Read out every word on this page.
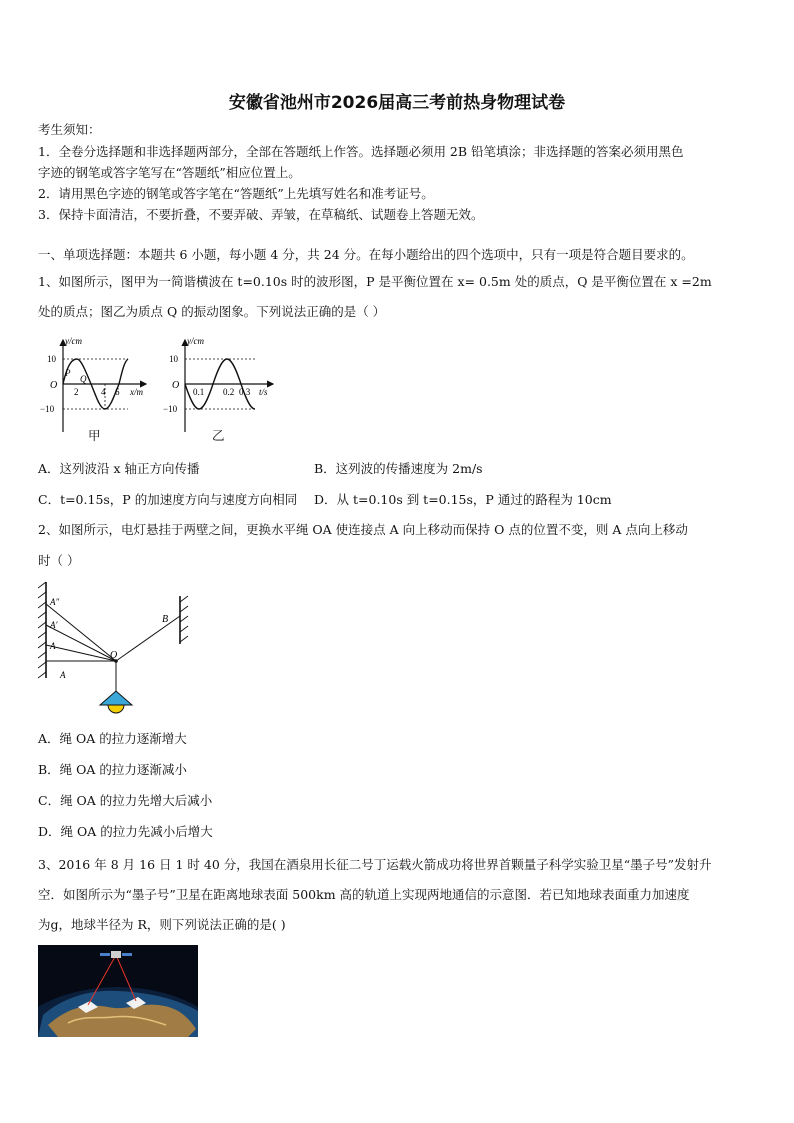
安徽省池州市2026届高三考前热身物理试卷
考生须知：
1．全卷分选择题和非选择题两部分，全部在答题纸上作答。选择题必须用 2B 铅笔填涂；非选择题的答案必须用黑色
字迹的钢笔或答字笔写在“答题纸”相应位置上。
2．请用黑色字迹的钢笔或答字笔在“答题纸”上先填写姓名和准考证号。
3．保持卡面清洁，不要折叠，不要弄破、弄皱，在草稿纸、试题卷上答题无效。
一、单项选择题：本题共 6 小题，每小题 4 分，共 24 分。在每小题给出的四个选项中，只有一项是符合题目要求的。
1、如图所示，图甲为一简谐横波在 t=0.10s 时的波形图，P 是平衡位置在 x= 0.5m 处的质点，Q 是平衡位置在 x =2m
处的质点；图乙为质点 Q 的振动图象。下列说法正确的是（ ）
y/cm
x/m
10
O
−10
2	4 6
P
Q
甲
y/cm
t/s
10
O
−10
0.1 0.2 0.3
乙
A．这列波沿 x 轴正方向传播	B．这列波的传播速度为 2m/s
C．t=0.15s，P 的加速度方向与速度方向相同 D．从 t=0.10s 到 t=0.15s，P 通过的路程为 10cm
2、如图所示，电灯悬挂于两壁之间，更换水平绳 OA 使连接点 A 向上移动而保持 O 点的位置不变，则 A 点向上移动
时（ ）
A″
A′
A
A
O
B
A．绳 OA 的拉力逐渐增大
B．绳 OA 的拉力逐渐减小
C．绳 OA 的拉力先增大后减小
D．绳 OA 的拉力先减小后增大
3、2016 年 8 月 16 日 1 时 40 分，我国在酒泉用长征二号丁运载火箭成功将世界首颗量子科学实验卫星“墨子号”发射升
空．如图所示为“墨子号”卫星在距离地球表面 500km 高的轨道上实现两地通信的示意图．若已知地球表面重力加速度
为g，地球半径为 R，则下列说法正确的是( )
